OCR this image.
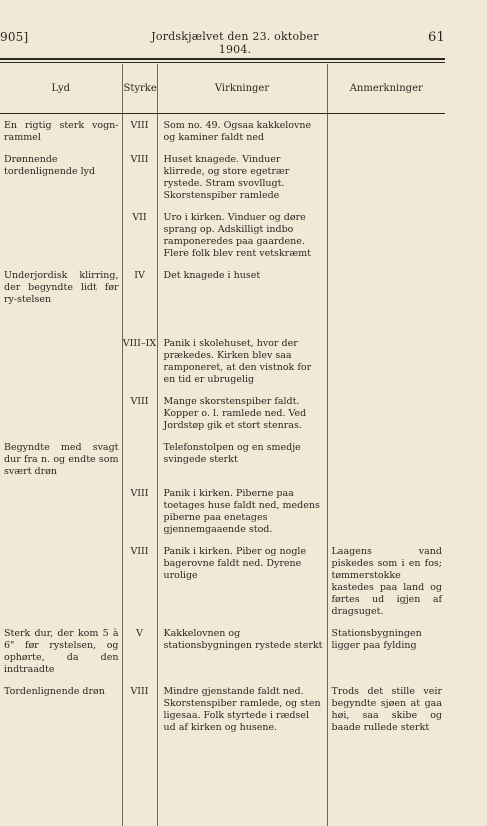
905]	Jordskjælvet den 23. oktober 1904.
61
Lyd	Styrke	Virkninger	Anmerkninger
En rigtig sterk vogn-rammel	VIII	Som no. 49. Ogsaa kakkelovne og kaminer faldt ned	
Drønnende tordenlignende lyd	VIII	Huset knagede. Vinduer klirrede, og store egetrær rystede. Stram svovllugt. Skorstenspiber ramlede	
	VII	Uro i kirken. Vinduer og døre sprang op. Adskilligt indbo ramponeredes paa gaardene. Flere folk blev rent vetskræmt	
Underjordisk klirring, der begyndte lidt før ry-stelsen	IV	Det knagede i huset	
	VIII–IX	Panik i skolehuset, hvor der prækedes. Kirken blev saa ramponeret, at den vistnok for en tid er ubrugelig	
	VIII	Mange skorstenspiber faldt. Kopper o. l. ramlede ned. Ved Jordstøp gik et stort stenras.	
Begyndte med svagt dur fra n. og endte som svært drøn		Telefonstolpen og en smedje svingede sterkt	
	VIII	Panik i kirken. Piberne paa toetages huse faldt ned, medens piberne paa enetages gjennemgaaende stod.	
	VIII	Panik i kirken. Piber og nogle bagerovne faldt ned. Dyrene urolige	Laagens vand piskedes som i en fos; tømmerstokke kastedes paa land og førtes ud igjen af dragsuget.
Sterk dur, der kom 5 à 6" før rystelsen, og ophørte, da den indtraadte	V	Kakkelovnen og stationsbygningen rystede sterkt	Stationsbygningen ligger paa fylding
Tordenlignende drøn	VIII	Mindre gjenstande faldt ned. Skorstenspiber ramlede, og sten ligesaa. Folk styrtede i rædsel ud af kirken og husene.	Trods det stille veir begyndte sjøen at gaa høi, saa skibe og baade rullede sterkt
